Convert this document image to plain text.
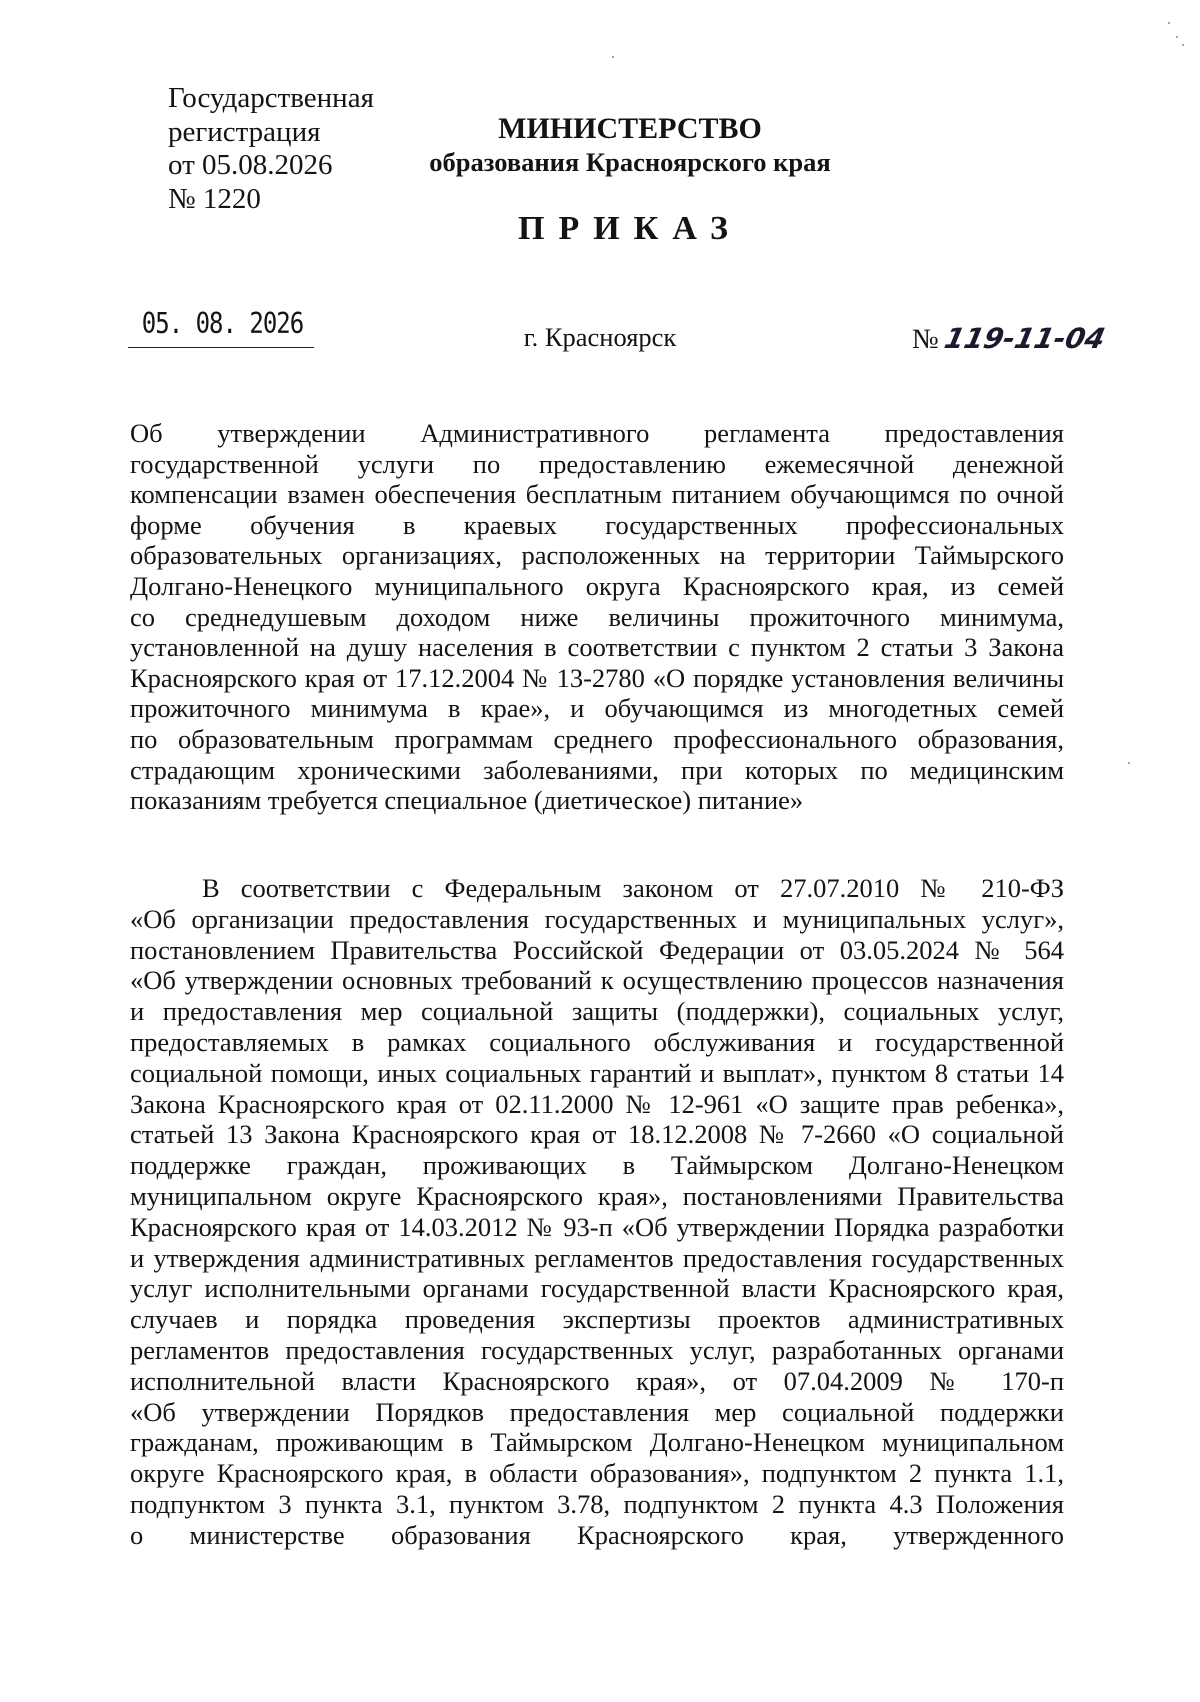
Государственная
регистрация
от 05.08.2026
№ 1220
МИНИСТЕРСТВО
образования Красноярского края
ПРИКАЗ
05. 08. 2026	г. Красноярск	№119-11-04
Об утверждении Административного регламента предоставления
государственной услуги по предоставлению ежемесячной денежной
компенсации взамен обеспечения бесплатным питанием обучающимся по очной
форме обучения в краевых государственных профессиональных
образовательных организациях, расположенных на территории Таймырского
Долгано-Ненецкого муниципального округа Красноярского края, из семей
со среднедушевым доходом ниже величины прожиточного минимума,
установленной на душу населения в соответствии с пунктом 2 статьи 3 Закона
Красноярского края от 17.12.2004 № 13-2780 «О порядке установления величины
прожиточного минимума в крае», и обучающимся из многодетных семей
по образовательным программам среднего профессионального образования,
страдающим хроническими заболеваниями, при которых по медицинским
показаниям требуется специальное (диетическое) питание»
В соответствии с Федеральным законом от 27.07.2010 № 210-ФЗ
«Об организации предоставления государственных и муниципальных услуг»,
постановлением Правительства Российской Федерации от 03.05.2024 № 564
«Об утверждении основных требований к осуществлению процессов назначения
и предоставления мер социальной защиты (поддержки), социальных услуг,
предоставляемых в рамках социального обслуживания и государственной
социальной помощи, иных социальных гарантий и выплат», пунктом 8 статьи 14
Закона Красноярского края от 02.11.2000 № 12-961 «О защите прав ребенка»,
статьей 13 Закона Красноярского края от 18.12.2008 № 7-2660 «О социальной
поддержке граждан, проживающих в Таймырском Долгано-Ненецком
муниципальном округе Красноярского края», постановлениями Правительства
Красноярского края от 14.03.2012 № 93-п «Об утверждении Порядка разработки
и утверждения административных регламентов предоставления государственных
услуг исполнительными органами государственной власти Красноярского края,
случаев и порядка проведения экспертизы проектов административных
регламентов предоставления государственных услуг, разработанных органами
исполнительной власти Красноярского края», от 07.04.2009 № 170-п
«Об утверждении Порядков предоставления мер социальной поддержки
гражданам, проживающим в Таймырском Долгано-Ненецком муниципальном
округе Красноярского края, в области образования», подпунктом 2 пункта 1.1,
подпунктом 3 пункта 3.1, пунктом 3.78, подпунктом 2 пункта 4.3 Положения
о министерстве образования Красноярского края, утвержденного
